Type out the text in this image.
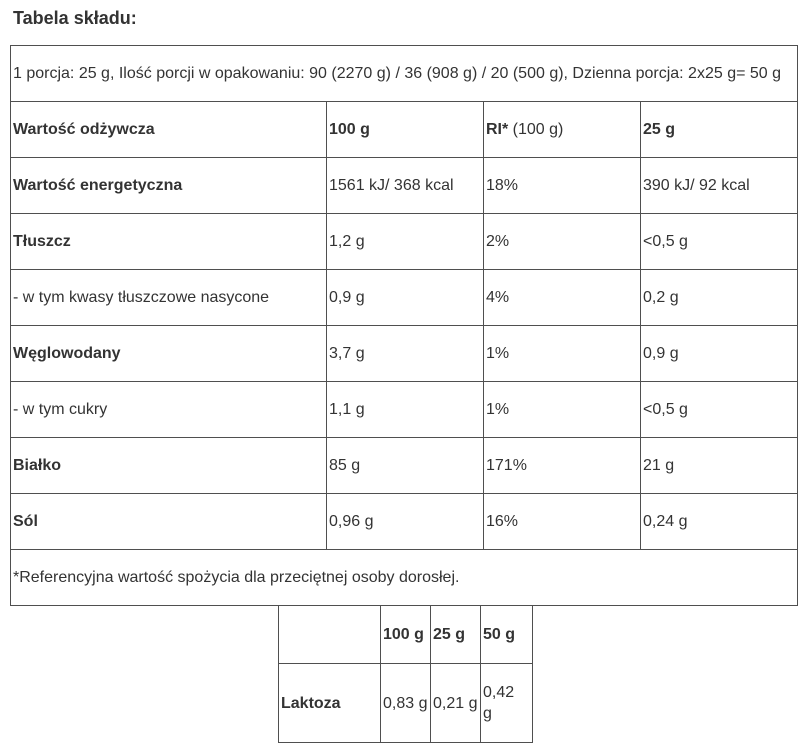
Tabela składu:
1 porcja: 25 g, Ilość porcji w opakowaniu: 90 (2270 g) / 36 (908 g) / 20 (500 g), Dzienna porcja: 2x25 g= 50 g			
Wartość odżywcza	100 g	RI* (100 g)	25 g
Wartość energetyczna	1561 kJ/ 368 kcal	18%	390 kJ/ 92 kcal
Tłuszcz	1,2 g	2%	<0,5 g
- w tym kwasy tłuszczowe nasycone	0,9 g	4%	0,2 g
Węglowodany	3,7 g	1%	0,9 g
- w tym cukry	1,1 g	1%	<0,5 g
Białko	85 g	171%	21 g
Sól	0,96 g	16%	0,24 g
*Referencyjna wartość spożycia dla przeciętnej osoby dorosłej.			
	100 g	25 g	50 g
Laktoza	0,83 g	0,21 g	0,42 g
